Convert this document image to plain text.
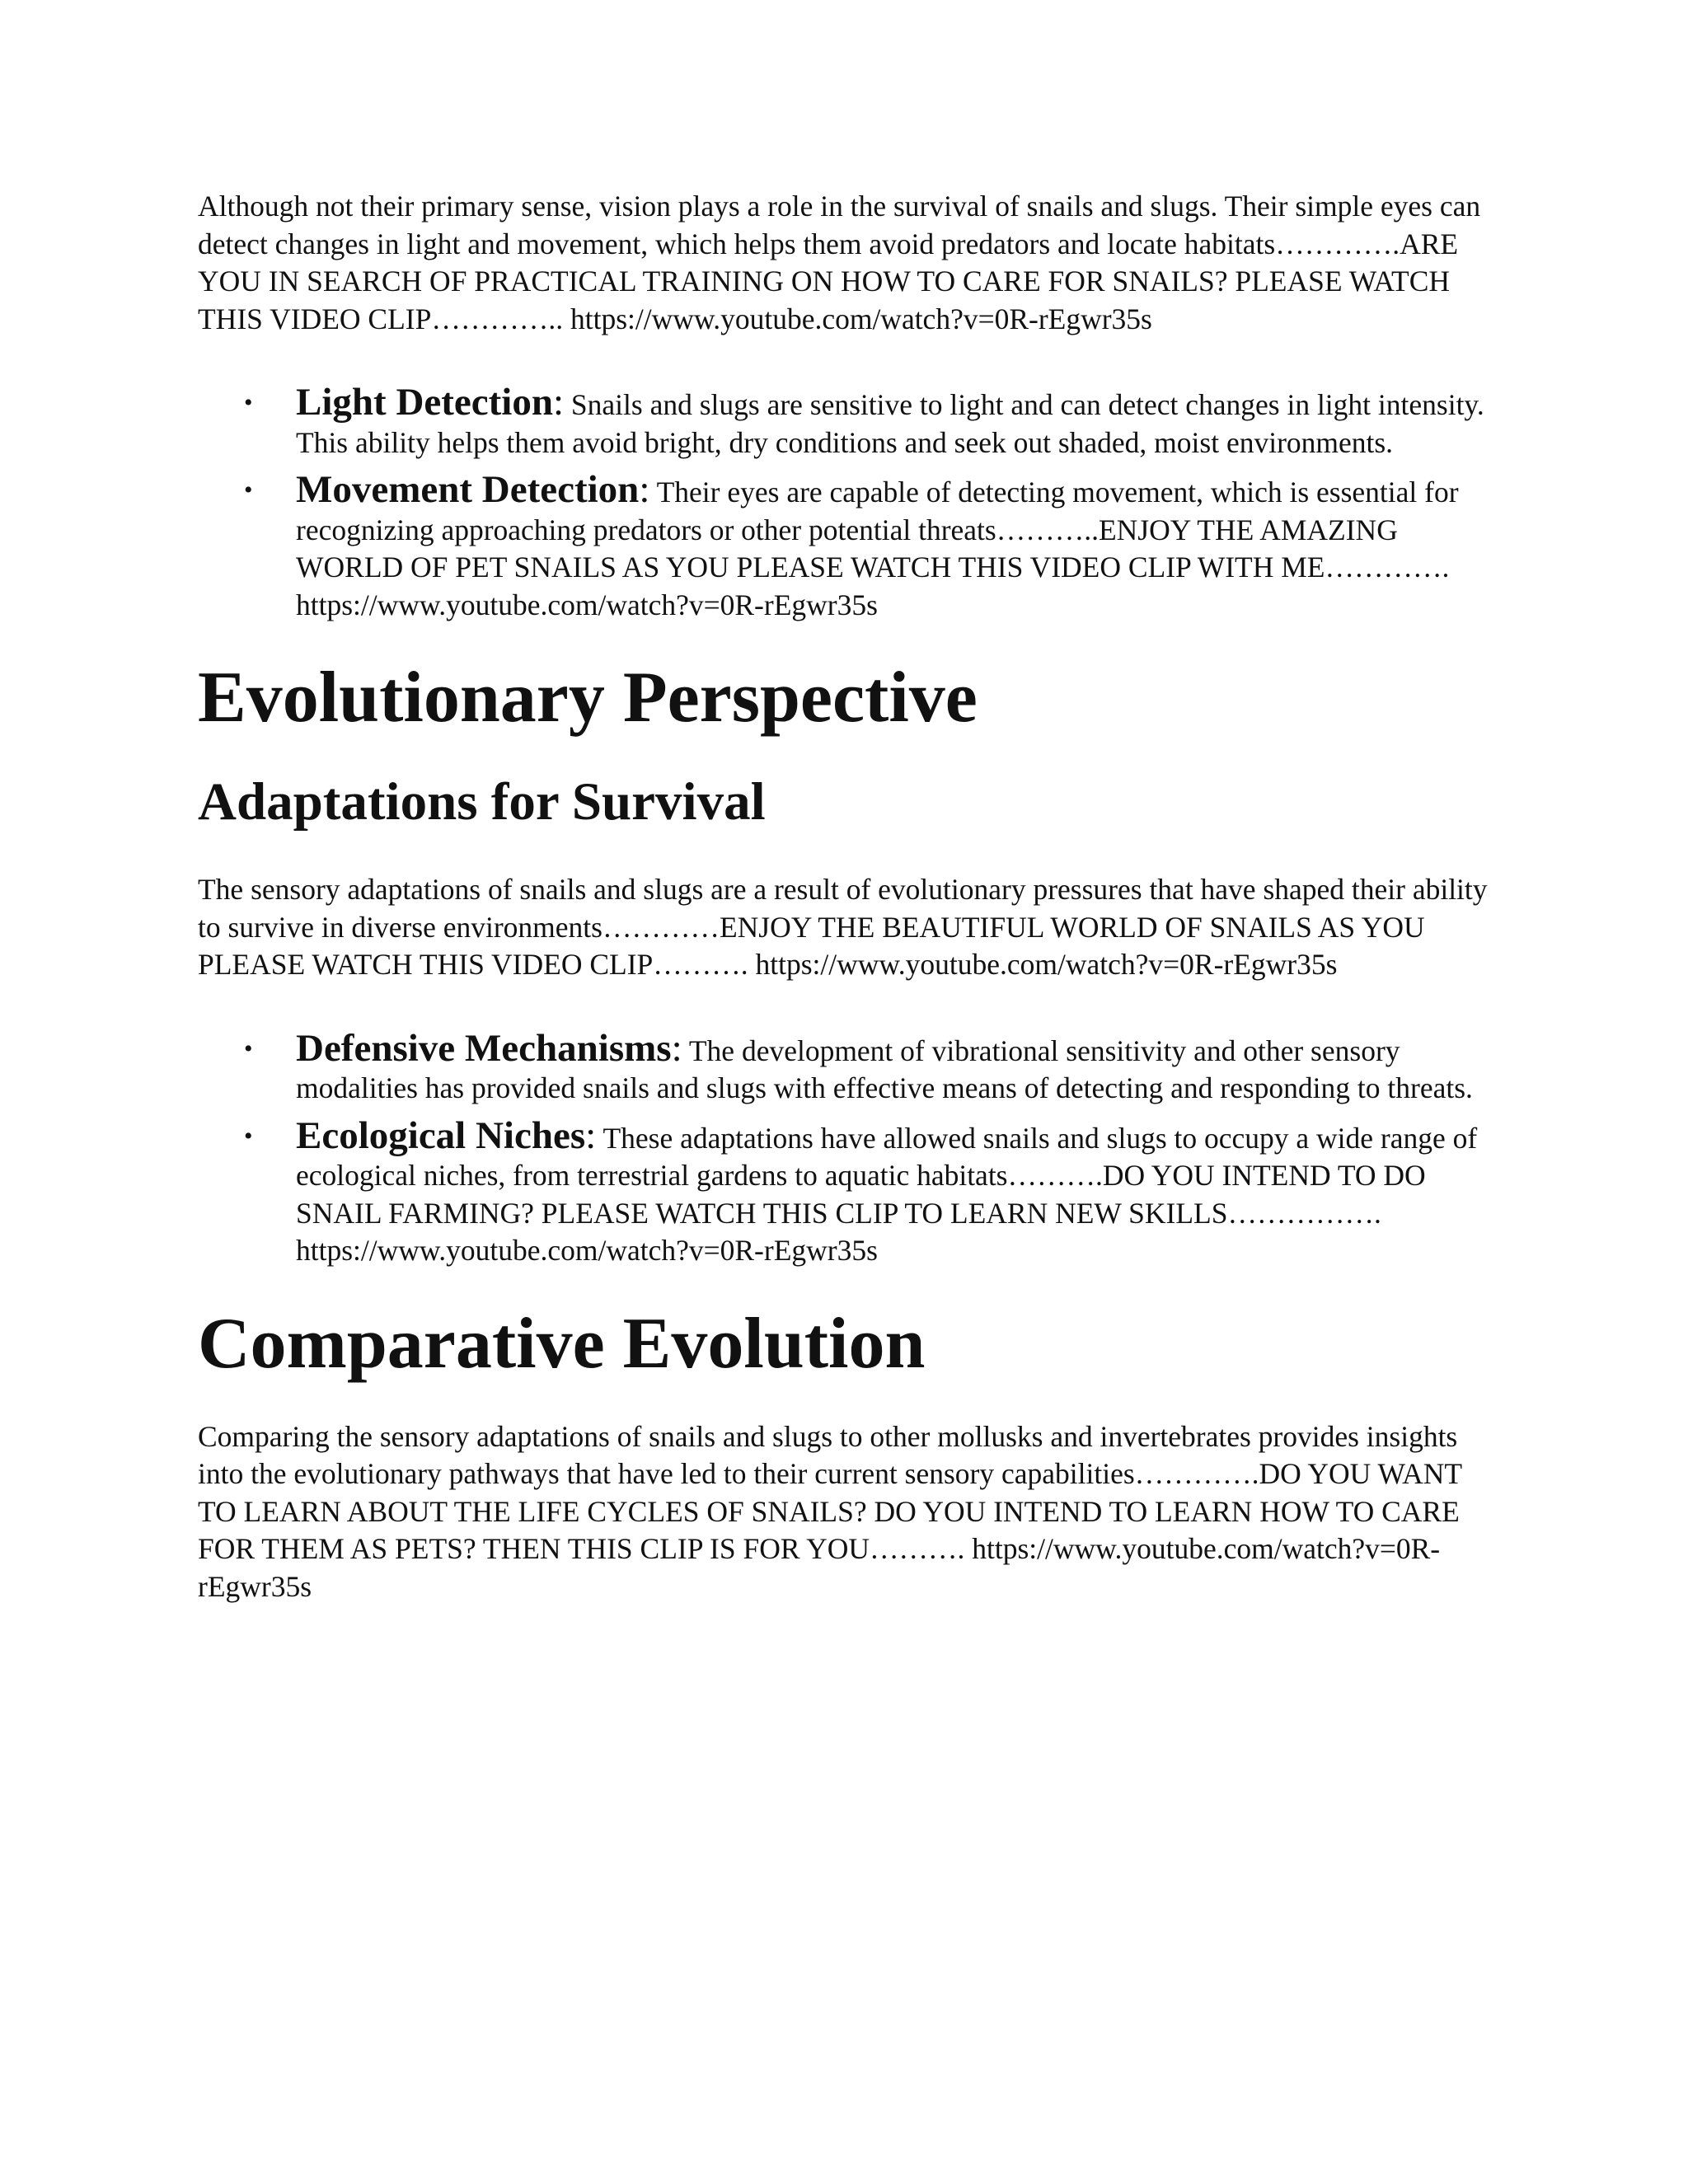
Although not their primary sense, vision plays a role in the survival of snails and slugs. Their simple eyes can detect changes in light and movement, which helps them avoid predators and locate habitats………….ARE YOU IN SEARCH OF PRACTICAL TRAINING ON HOW TO CARE FOR SNAILS? PLEASE WATCH THIS VIDEO CLIP………….. https://www.youtube.com/watch?v=0R-rEgwr35s

• Light Detection: Snails and slugs are sensitive to light and can detect changes in light intensity. This ability helps them avoid bright, dry conditions and seek out shaded, moist environments.
• Movement Detection: Their eyes are capable of detecting movement, which is essential for recognizing approaching predators or other potential threats………..ENJOY THE AMAZING WORLD OF PET SNAILS AS YOU PLEASE WATCH THIS VIDEO CLIP WITH ME…………. https://www.youtube.com/watch?v=0R-rEgwr35s
Evolutionary Perspective
Adaptations for Survival

The sensory adaptations of snails and slugs are a result of evolutionary pressures that have shaped their ability to survive in diverse environments…………ENJOY THE BEAUTIFUL WORLD OF SNAILS AS YOU PLEASE WATCH THIS VIDEO CLIP………. https://www.youtube.com/watch?v=0R-rEgwr35s

• Defensive Mechanisms: The development of vibrational sensitivity and other sensory modalities has provided snails and slugs with effective means of detecting and responding to threats.
• Ecological Niches: These adaptations have allowed snails and slugs to occupy a wide range of ecological niches, from terrestrial gardens to aquatic habitats……….DO YOU INTEND TO DO SNAIL FARMING? PLEASE WATCH THIS CLIP TO LEARN NEW SKILLS……………. https://www.youtube.com/watch?v=0R-rEgwr35s
Comparative Evolution

Comparing the sensory adaptations of snails and slugs to other mollusks and invertebrates provides insights into the evolutionary pathways that have led to their current sensory capabilities………….DO YOU WANT TO LEARN ABOUT THE LIFE CYCLES OF SNAILS? DO YOU INTEND TO LEARN HOW TO CARE FOR THEM AS PETS? THEN THIS CLIP IS FOR YOU………. https://www.youtube.com/watch?v=0R-rEgwr35s
